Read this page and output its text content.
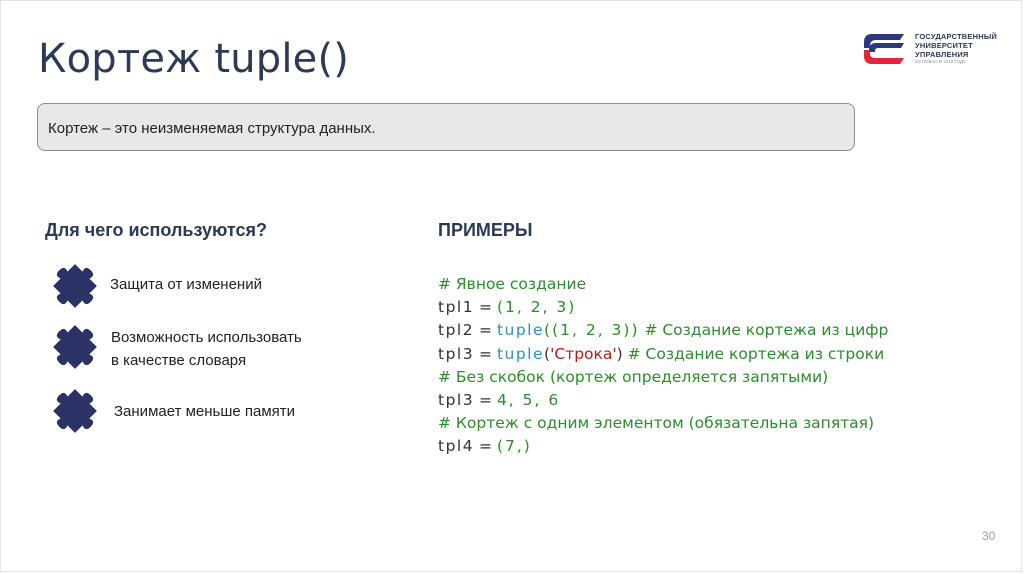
Кортеж tuple()	ГОСУДАРСТВЕННЫЙ
УНИВЕРСИТЕТ
УПРАВЛЕНИЯ
ОСНОВАН В 1919 ГОДУ
Кортеж – это неизменяемая структура данных.
Для чего используются?	ПРИМЕРЫ
Защита от изменений
Возможность использовать
в качестве словаря
Занимает меньше памяти
# Явное создание
tpl1 = (1, 2, 3)
tpl2 = tuple((1, 2, 3)) # Создание кортежа из цифр
tpl3 = tuple('Строка') # Создание кортежа из строки
# Без скобок (кортеж определяется запятыми)
tpl3 = 4, 5, 6
# Кортеж с одним элементом (обязательна запятая)
tpl4 = (7,)
30
